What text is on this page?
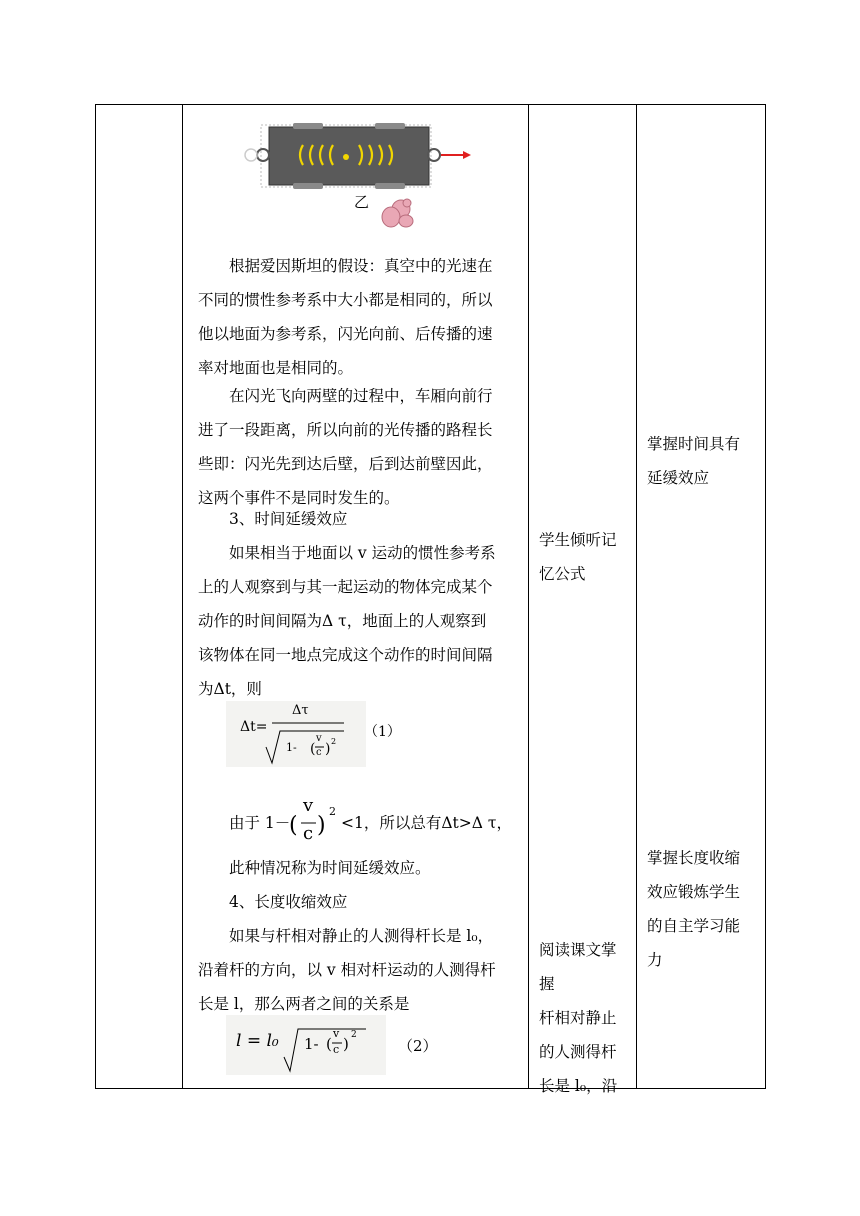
乙
根据爱因斯坦的假设：真空中的光速在
不同的惯性参考系中大小都是相同的，所以
他以地面为参考系，闪光向前、后传播的速
率对地面也是相同的。
在闪光飞向两壁的过程中，车厢向前行
进了一段距离，所以向前的光传播的路程长
些即：闪光先到达后壁，后到达前壁因此，
这两个事件不是同时发生的。
3、时间延缓效应
如果相当于地面以 v 运动的惯性参考系
上的人观察到与其一起运动的物体完成某个
动作的时间间隔为Δ τ，地面上的人观察到
该物体在同一地点完成这个动作的时间间隔
为Δt，则
Δt=
Δτ
1- (
v
c ) 2
（1）
由于 1－
(
v
c )
2
<1，所以总有Δt>Δ τ，
此种情况称为时间延缓效应。
4、长度收缩效应
如果与杆相对静止的人测得杆长是 l₀，
沿着杆的方向，以 v 相对杆运动的人测得杆
长是 l，那么两者之间的关系是
l = l₀ 1- (
v
c ) 2
（2）
学生倾听记
忆公式
阅读课文掌
握
杆相对静止
的人测得杆
长是 l₀，沿
掌握时间具有
延缓效应
掌握长度收缩
效应锻炼学生
的自主学习能
力
